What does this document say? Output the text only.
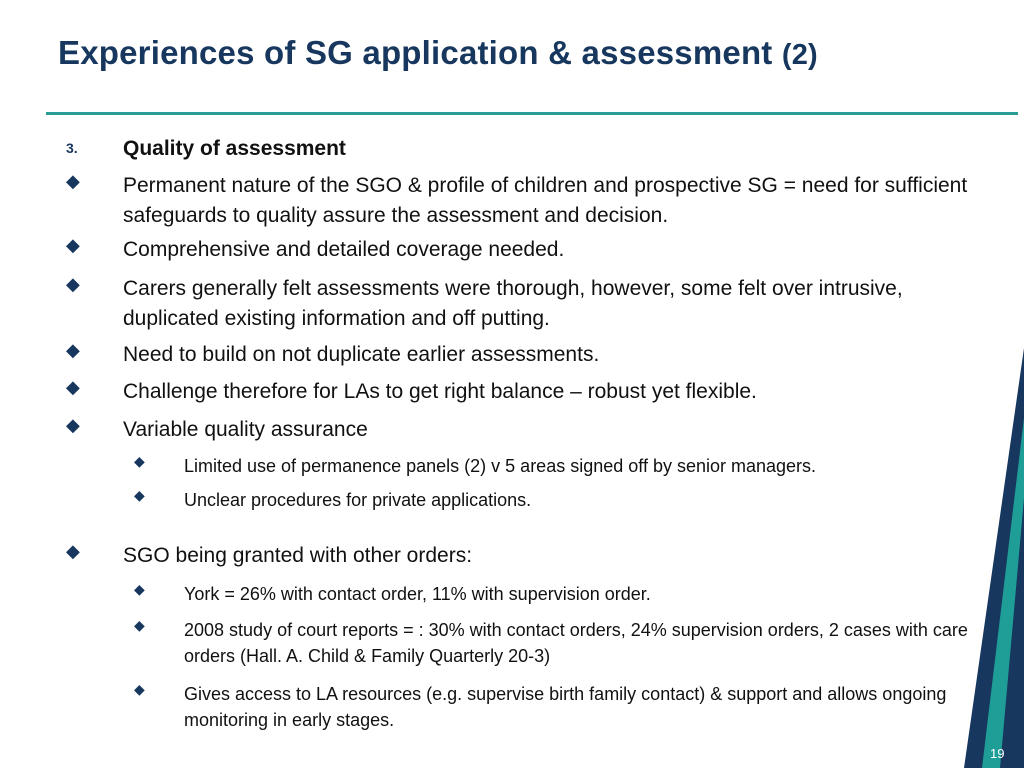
Experiences of SG application & assessment (2)
3. Quality of assessment
◆ Permanent nature of the SGO & profile of children and prospective SG = need for sufficient safeguards to quality assure the assessment and decision.
◆ Comprehensive and detailed coverage needed.
◆ Carers generally felt assessments were thorough, however, some felt over intrusive, duplicated existing information and off putting.
◆ Need to build on not duplicate earlier assessments.
◆ Challenge therefore for LAs to get right balance – robust yet flexible.
◆ Variable quality assurance
◆ Limited use of permanence panels (2) v 5 areas signed off by senior managers.
◆ Unclear procedures for private applications.
◆ SGO being granted with other orders:
◆ York = 26% with contact order, 11% with supervision order.
◆ 2008 study of court reports = : 30% with contact orders, 24% supervision orders, 2 cases with care orders (Hall. A. Child & Family Quarterly 20-3)
◆ Gives access to LA resources (e.g. supervise birth family contact) & support and allows ongoing monitoring in early stages.
19
